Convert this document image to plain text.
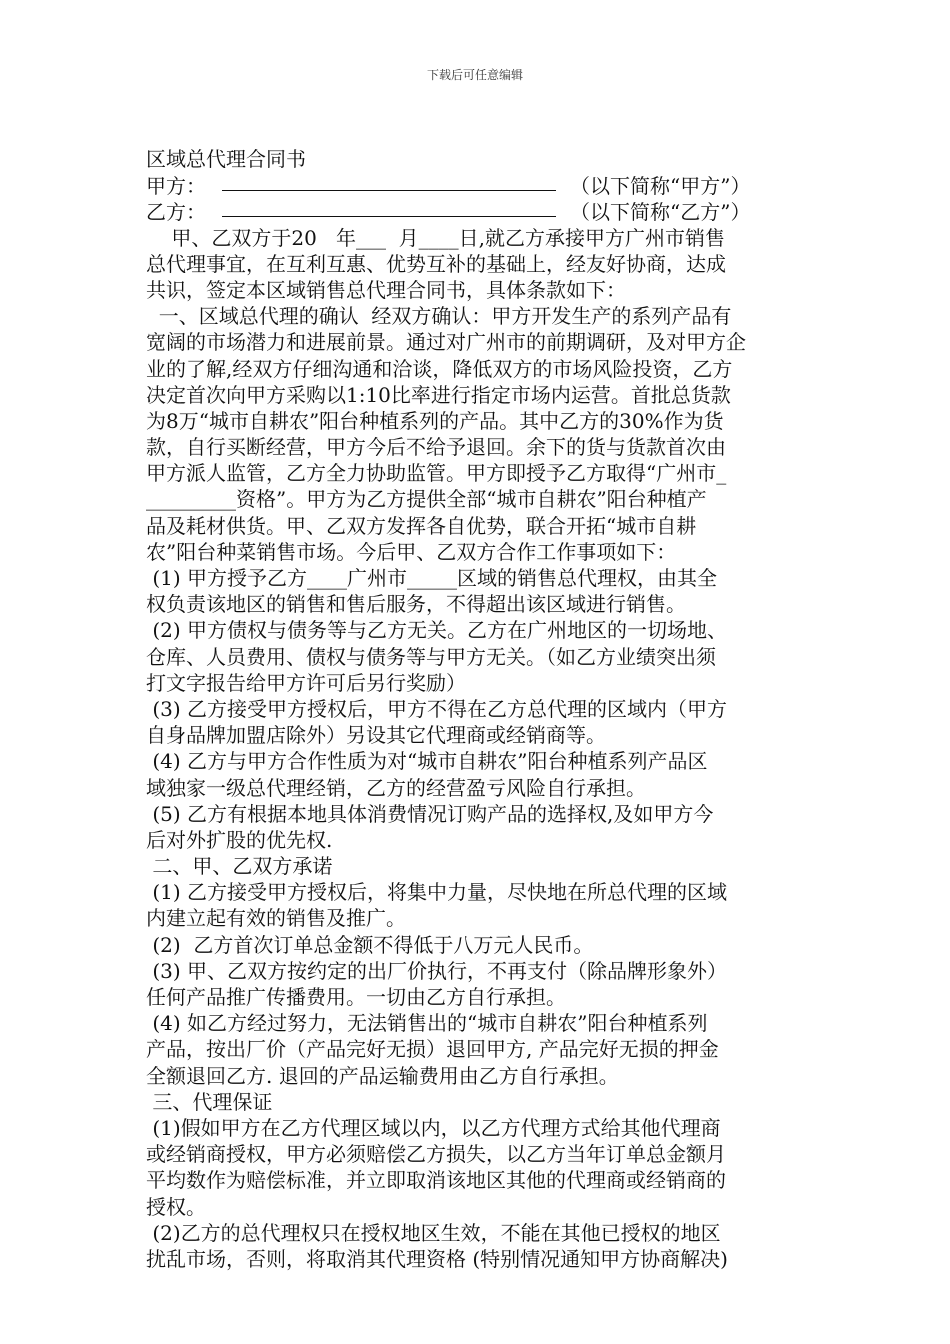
下载后可任意编辑
区域总代理合同书
甲方：	（以下简称“甲方”）
乙方：	（以下简称“乙方”）
甲、乙双方于20   年___  月____日,就乙方承接甲方广州市销售
总代理事宜，在互利互惠、优势互补的基础上，经友好协商，达成
共识，签定本区域销售总代理合同书，具体条款如下：
一、区域总代理的确认  经双方确认：甲方开发生产的系列产品有
宽阔的市场潜力和进展前景。通过对广州市的前期调研，及对甲方企
业的了解,经双方仔细沟通和洽谈，降低双方的市场风险投资，乙方
决定首次向甲方采购以1:10比率进行指定市场内运营。首批总货款
为8万“城市自耕农”阳台种植系列的产品。其中乙方的30%作为货
款，自行买断经营，甲方今后不给予退回。余下的货与货款首次由
甲方派人监管，乙方全力协助监管。甲方即授予乙方取得“广州市_
_________资格”。甲方为乙方提供全部“城市自耕农”阳台种植产
品及耗材供货。甲、乙双方发挥各自优势，联合开拓“城市自耕
农”阳台种菜销售市场。今后甲、乙双方合作工作事项如下：
(1) 甲方授予乙方____广州市_____区域的销售总代理权，由其全
权负责该地区的销售和售后服务，不得超出该区域进行销售。
(2) 甲方债权与债务等与乙方无关。乙方在广州地区的一切场地、
仓库、人员费用、债权与债务等与甲方无关。（如乙方业绩突出须
打文字报告给甲方许可后另行奖励）
(3) 乙方接受甲方授权后，甲方不得在乙方总代理的区域内（甲方
自身品牌加盟店除外）另设其它代理商或经销商等。
(4) 乙方与甲方合作性质为对“城市自耕农”阳台种植系列产品区
域独家一级总代理经销，乙方的经营盈亏风险自行承担。
(5) 乙方有根据本地具体消费情况订购产品的选择权,及如甲方今
后对外扩股的优先权.
二、甲、乙双方承诺
(1) 乙方接受甲方授权后，将集中力量，尽快地在所总代理的区域
内建立起有效的销售及推广。
(2)  乙方首次订单总金额不得低于八万元人民币。
(3) 甲、乙双方按约定的出厂价执行，不再支付（除品牌形象外）
任何产品推广传播费用。一切由乙方自行承担。
(4) 如乙方经过努力，无法销售出的“城市自耕农”阳台种植系列
产品，按出厂价（产品完好无损）退回甲方, 产品完好无损的押金
全额退回乙方. 退回的产品运输费用由乙方自行承担。
三、代理保证
(1)假如甲方在乙方代理区域以内，以乙方代理方式给其他代理商
或经销商授权，甲方必须赔偿乙方损失，以乙方当年订单总金额月
平均数作为赔偿标准，并立即取消该地区其他的代理商或经销商的
授权。
(2)乙方的总代理权只在授权地区生效，不能在其他已授权的地区
扰乱市场，否则，将取消其代理资格 (特别情况通知甲方协商解决)
